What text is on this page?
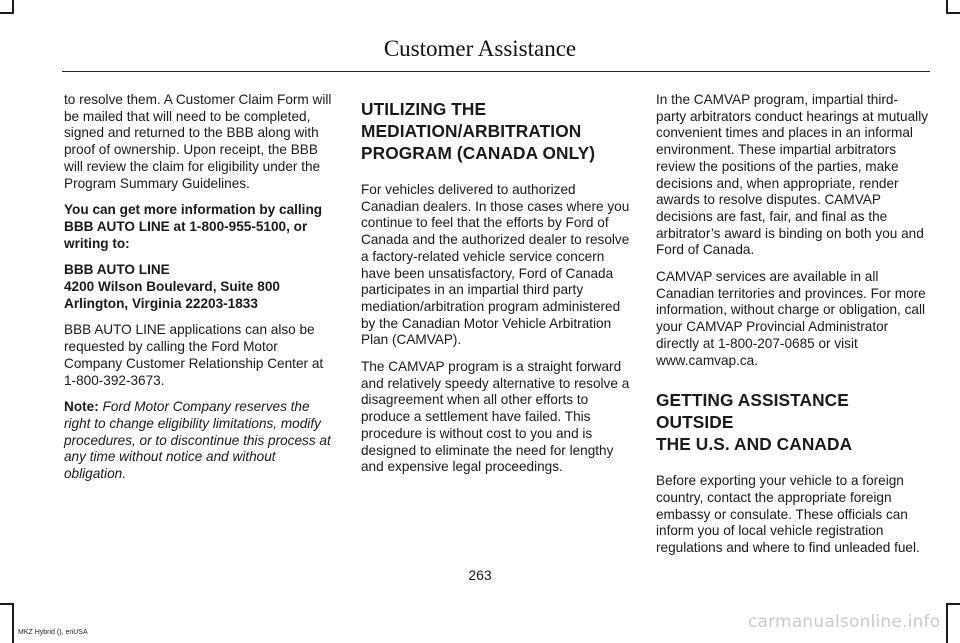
Customer Assistance

to resolve them. A Customer Claim Form will be mailed that will need to be completed, signed and returned to the BBB along with proof of ownership. Upon receipt, the BBB will review the claim for eligibility under the Program Summary Guidelines.

You can get more information by calling BBB AUTO LINE at 1-800-955-5100, or writing to:

BBB AUTO LINE
4200 Wilson Boulevard, Suite 800
Arlington, Virginia 22203-1833

BBB AUTO LINE applications can also be requested by calling the Ford Motor Company Customer Relationship Center at 1-800-392-3673.

Note: Ford Motor Company reserves the right to change eligibility limitations, modify procedures, or to discontinue this process at any time without notice and without obligation.

UTILIZING THE
MEDIATION/ARBITRATION
PROGRAM (CANADA ONLY)

For vehicles delivered to authorized Canadian dealers. In those cases where you continue to feel that the efforts by Ford of Canada and the authorized dealer to resolve a factory-related vehicle service concern have been unsatisfactory, Ford of Canada participates in an impartial third party mediation/arbitration program administered by the Canadian Motor Vehicle Arbitration Plan (CAMVAP).

The CAMVAP program is a straight forward and relatively speedy alternative to resolve a disagreement when all other efforts to produce a settlement have failed. This procedure is without cost to you and is designed to eliminate the need for lengthy and expensive legal proceedings.

In the CAMVAP program, impartial third-party arbitrators conduct hearings at mutually convenient times and places in an informal environment. These impartial arbitrators review the positions of the parties, make decisions and, when appropriate, render awards to resolve disputes. CAMVAP decisions are fast, fair, and final as the arbitrator’s award is binding on both you and Ford of Canada.

CAMVAP services are available in all Canadian territories and provinces. For more information, without charge or obligation, call your CAMVAP Provincial Administrator directly at 1-800-207-0685 or visit www.camvap.ca.

GETTING ASSISTANCE OUTSIDE
THE U.S. AND CANADA

Before exporting your vehicle to a foreign country, contact the appropriate foreign embassy or consulate. These officials can inform you of local vehicle registration regulations and where to find unleaded fuel.

263
MKZ Hybrid (), enUSA
carmanualsonline.info
